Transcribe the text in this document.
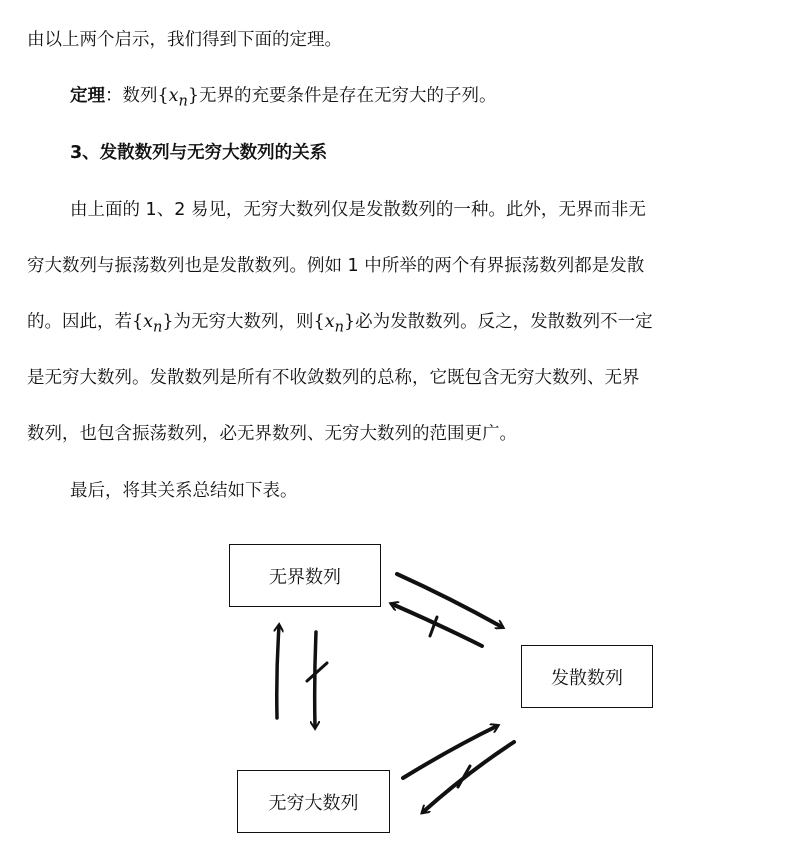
由以上两个启示，我们得到下面的定理。
定理：数列$\{x_n\}$无界的充要条件是存在无穷大的子列。
3、发散数列与无穷大数列的关系
由上面的 1、2 易见，无穷大数列仅是发散数列的一种。此外，无界而非无
穷大数列与振荡数列也是发散数列。例如 1 中所举的两个有界振荡数列都是发散
的。因此，若$\{x_n\}$为无穷大数列，则$\{x_n\}$必为发散数列。反之，发散数列不一定
是无穷大数列。发散数列是所有不收敛数列的总称，它既包含无穷大数列、无界
数列，也包含振荡数列，必无界数列、无穷大数列的范围更广。
最后，将其关系总结如下表。
无界数列
发散数列
无穷大数列
